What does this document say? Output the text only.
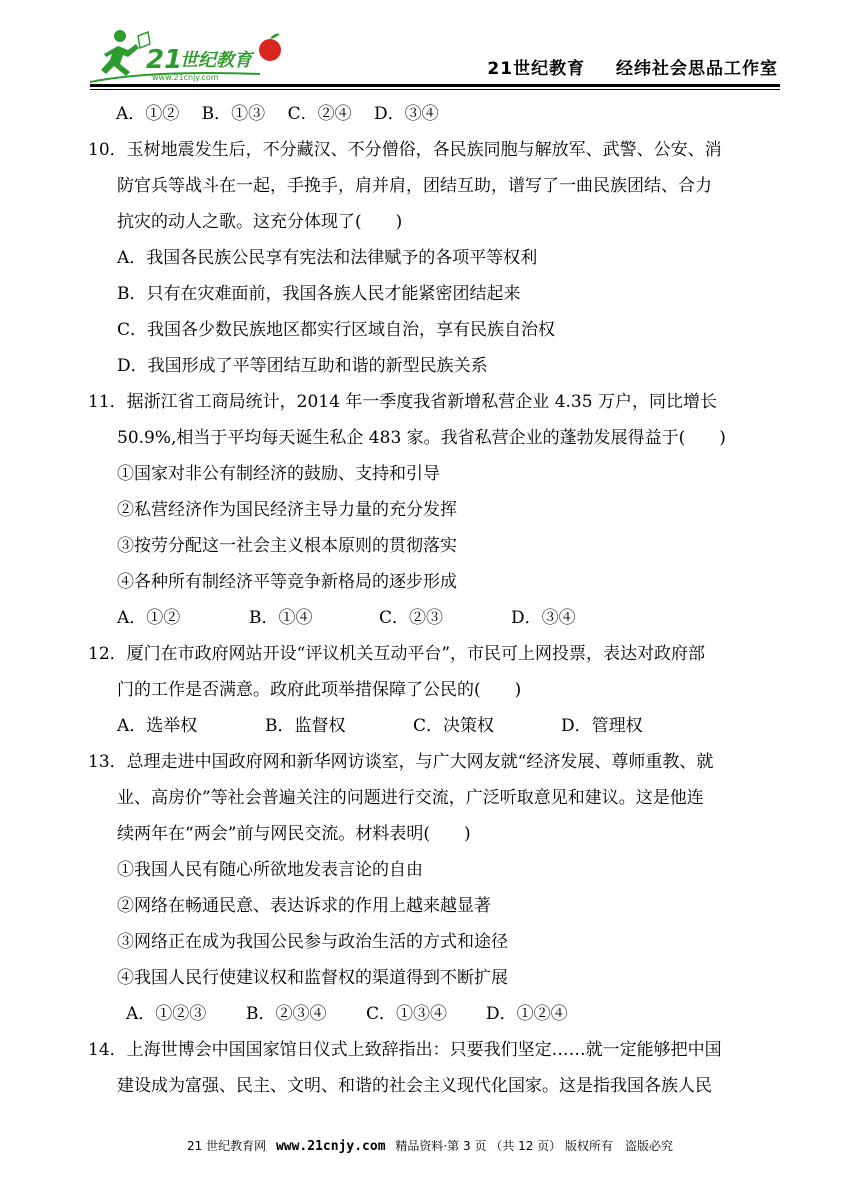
21
世纪教育
www.21cnjy.com	21世纪教育 经纬社会思品工作室
A．①②　 B．①③　 C．②④　 D．③④
10．玉树地震发生后，不分藏汉、不分僧俗，各民族同胞与解放军、武警、公安、消
防官兵等战斗在一起，手挽手，肩并肩，团结互助，谱写了一曲民族团结、合力
抗灾的动人之歌。这充分体现了(　　)
A．我国各民族公民享有宪法和法律赋予的各项平等权利
B．只有在灾难面前，我国各族人民才能紧密团结起来
C．我国各少数民族地区都实行区域自治，享有民族自治权
D．我国形成了平等团结互助和谐的新型民族关系
11．据浙江省工商局统计，2014 年一季度我省新增私营企业 4.35 万户，同比增长
50.9%,相当于平均每天诞生私企 483 家。我省私营企业的蓬勃发展得益于(　　)
①国家对非公有制经济的鼓励、支持和引导
②私营经济作为国民经济主导力量的充分发挥
③按劳分配这一社会主义根本原则的贯彻落实
④各种所有制经济平等竞争新格局的逐步形成
A．①②	B．①④	C．②③	D．③④
12．厦门在市政府网站开设“评议机关互动平台”，市民可上网投票，表达对政府部
门的工作是否满意。政府此项举措保障了公民的(　　)
A．选举权	B．监督权	C．决策权	D．管理权
13．总理走进中国政府网和新华网访谈室，与广大网友就“经济发展、尊师重教、就
业、高房价”等社会普遍关注的问题进行交流，广泛听取意见和建议。这是他连
续两年在“两会”前与网民交流。材料表明(　　)
①我国人民有随心所欲地发表言论的自由
②网络在畅通民意、表达诉求的作用上越来越显著
③网络正在成为我国公民参与政治生活的方式和途径
④我国人民行使建议权和监督权的渠道得到不断扩展
A．①②③ B．②③④ C．①③④ D．①②④
14．上海世博会中国国家馆日仪式上致辞指出：只要我们坚定……就一定能够把中国
建设成为富强、民主、文明、和谐的社会主义现代化国家。这是指我国各族人民
21 世纪教育网 www.21cnjy.com 精品资料·第 3 页 （共 12 页） 版权所有　盗版必究
